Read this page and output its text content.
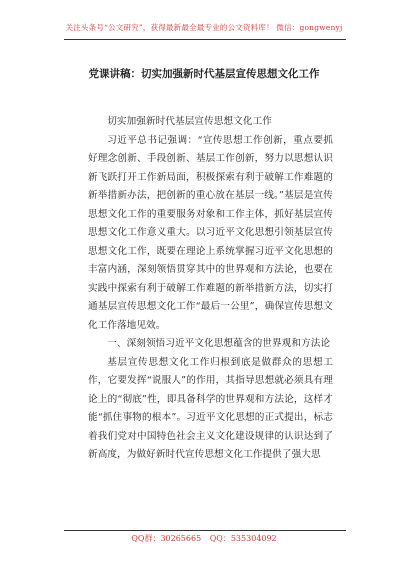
关注头条号“公文研究”，获得最新最全最专业的公文资料库！ 微信：gongwenyj
党课讲稿：切实加强新时代基层宣传思想文化工作

切实加强新时代基层宣传思想文化工作

习近平总书记强调：“宣传思想工作创新，重点要抓好理念创新、手段创新、基层工作创新，努力以思想认识新飞跃打开工作新局面，积极探索有利于破解工作难题的新举措新办法，把创新的重心放在基层一线。”基层是宣传思想文化工作的重要服务对象和工作主体，抓好基层宣传思想文化工作意义重大。以习近平文化思想引领基层宣传思想文化工作，既要在理论上系统掌握习近平文化思想的丰富内涵，深刻领悟贯穿其中的世界观和方法论，也要在实践中探索有利于破解工作难题的新举措新方法，切实打通基层宣传思想文化工作“最后一公里”，确保宣传思想文化工作落地见效。

一、深刻领悟习近平文化思想蕴含的世界观和方法论

基层宣传思想文化工作归根到底是做群众的思想工作，它要发挥“说服人”的作用，其指导思想就必须具有理论上的“彻底”性，即具备科学的世界观和方法论，这样才能“抓住事物的根本”。习近平文化思想的正式提出，标志着我们党对中国特色社会主义文化建设规律的认识达到了新高度，为做好新时代宣传思想文化工作提供了强大思

QQ群：30265665 QQ：535304092
